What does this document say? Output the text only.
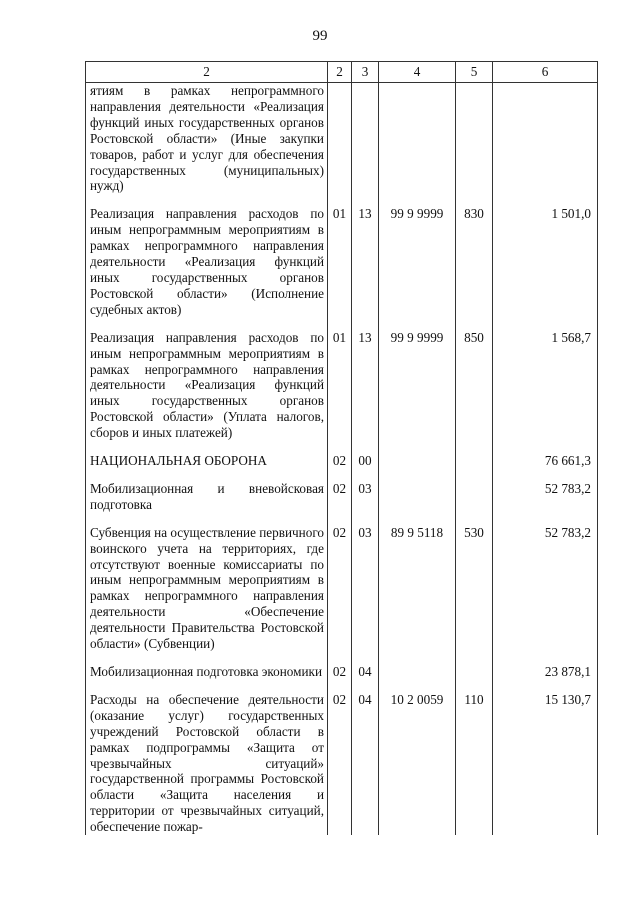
99
2	2	3	4	5	6
ятиям в рамках непрограммного направления деятельности «Реализация функций иных государственных органов Ростовской области» (Иные закупки товаров, работ и услуг для обеспечения государственных (муниципальных) нужд)					

Реализация направления расходов по иным непрограммным мероприятиям в рамках непрограммного направления деятельности «Реализация функций иных государственных органов Ростовской области» (Исполнение судебных актов)	01	13	99 9 9999	830	1 501,0

Реализация направления расходов по иным непрограммным мероприятиям в рамках непрограммного направления деятельности «Реализация функций иных государственных органов Ростовской области» (Уплата налогов, сборов и иных платежей)	01	13	99 9 9999	850	1 568,7

НАЦИОНАЛЬНАЯ ОБОРОНА	02	00			76 661,3

Мобилизационная и вневойсковая подготовка	02	03			52 783,2

Субвенция на осуществление первичного воинского учета на территориях, где отсутствуют военные комиссариаты по иным непрограммным мероприятиям в рамках непрограммного направления деятельности «Обеспечение деятельности Правительства Ростовской области» (Субвенции)	02	03	89 9 5118	530	52 783,2

Мобилизационная подготовка экономики	02	04			23 878,1

Расходы на обеспечение деятельности (оказание услуг) государственных учреждений Ростовской области в рамках подпрограммы «Защита от чрезвычайных ситуаций» государственной программы Ростовской области «Защита населения и территории от чрезвычайных ситуаций, обеспечение пожар-	02	04	10 2 0059	110	15 130,7
